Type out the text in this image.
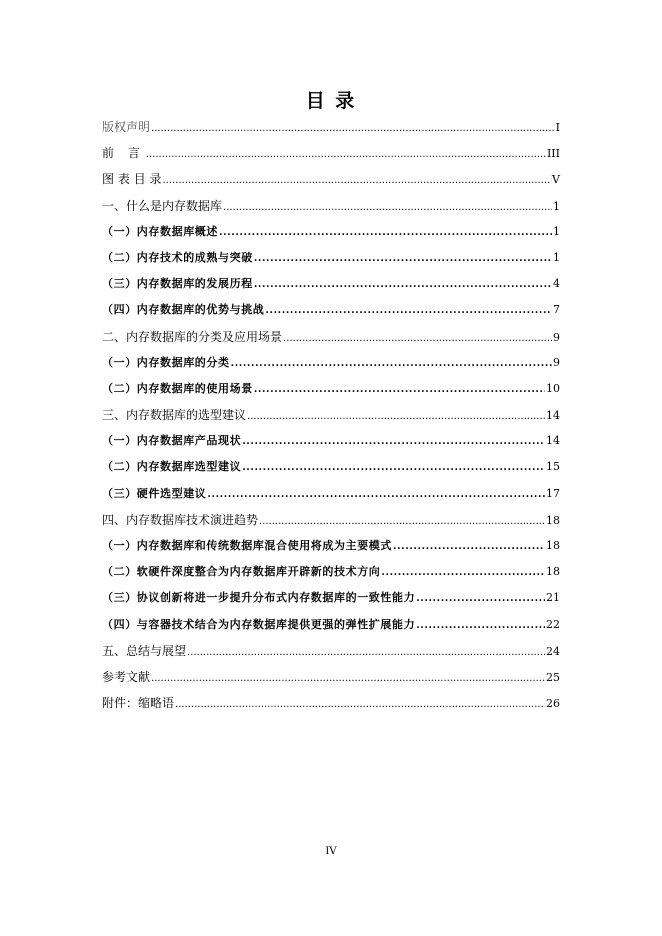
目 录
版权声明 .....	I
前 言 .....	III
图 表 目 录 .....	V
一、什么是内存数据库 .....	1
（一）内存数据库概述 .....	1
（二）内存技术的成熟与突破 .....	1
（三）内存数据库的发展历程 .....	4
（四）内存数据库的优势与挑战 .....	7
二、内存数据库的分类及应用场景 .....	9
（一）内存数据库的分类 .....	9
（二）内存数据库的使用场景 .....	10
三、内存数据库的选型建议 .....	14
（一）内存数据库产品现状 .....	14
（二）内存数据库选型建议 .....	15
（三）硬件选型建议 .....	17
四、内存数据库技术演进趋势 .....	18
（一）内存数据库和传统数据库混合使用将成为主要模式 .....	18
（二）软硬件深度整合为内存数据库开辟新的技术方向 .....	18
（三）协议创新将进一步提升分布式内存数据库的一致性能力 .....	21
（四）与容器技术结合为内存数据库提供更强的弹性扩展能力 .....	22
五、总结与展望 .....	24
参考文献 .....	25
附件：缩略语 .....	26
IV
